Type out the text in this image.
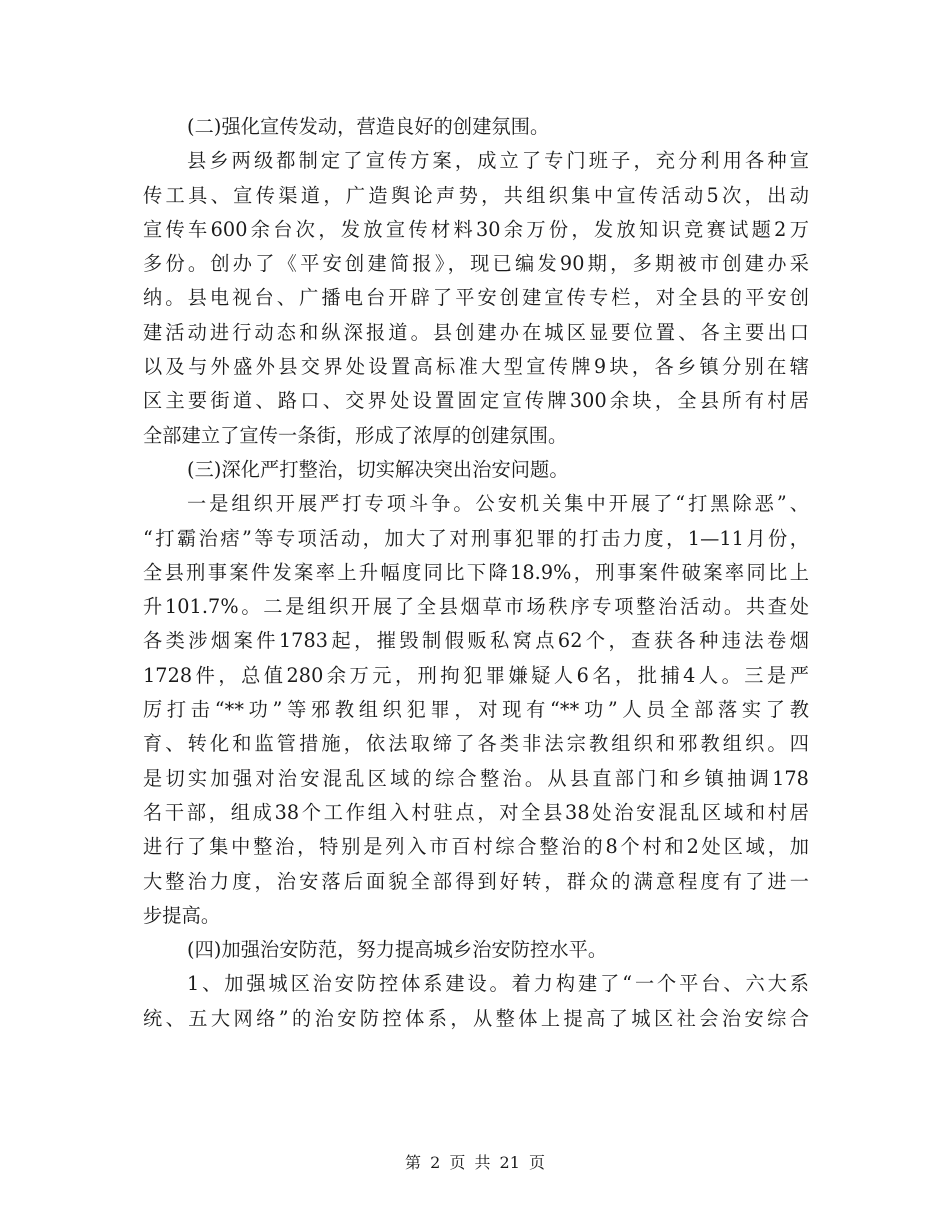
(二)强化宣传发动，营造良好的创建氛围。
县乡两级都制定了宣传方案，成立了专门班子，充分利用各种宣
传工具、宣传渠道，广造舆论声势，共组织集中宣传活动5次，出动
宣传车600余台次，发放宣传材料30余万份，发放知识竞赛试题2万
多份。创办了《平安创建简报》，现已编发90期，多期被市创建办采
纳。县电视台、广播电台开辟了平安创建宣传专栏，对全县的平安创
建活动进行动态和纵深报道。县创建办在城区显要位置、各主要出口
以及与外盛外县交界处设置高标准大型宣传牌9块，各乡镇分别在辖
区主要街道、路口、交界处设置固定宣传牌300余块，全县所有村居
全部建立了宣传一条街，形成了浓厚的创建氛围。
(三)深化严打整治，切实解决突出治安问题。
一是组织开展严打专项斗争。公安机关集中开展了“打黑除恶”、
“打霸治痞”等专项活动，加大了对刑事犯罪的打击力度，1—11月份，
全县刑事案件发案率上升幅度同比下降18.9%，刑事案件破案率同比上
升101.7%。二是组织开展了全县烟草市场秩序专项整治活动。共查处
各类涉烟案件1783起，摧毁制假贩私窝点62个，查获各种违法卷烟
1728件，总值280余万元，刑拘犯罪嫌疑人6名，批捕4人。三是严
厉打击“**功”等邪教组织犯罪，对现有“**功”人员全部落实了教
育、转化和监管措施，依法取缔了各类非法宗教组织和邪教组织。四
是切实加强对治安混乱区域的综合整治。从县直部门和乡镇抽调178
名干部，组成38个工作组入村驻点，对全县38处治安混乱区域和村居
进行了集中整治，特别是列入市百村综合整治的8个村和2处区域，加
大整治力度，治安落后面貌全部得到好转，群众的满意程度有了进一
步提高。
(四)加强治安防范，努力提高城乡治安防控水平。
1、加强城区治安防控体系建设。着力构建了“一个平台、六大系
统、五大网络”的治安防控体系，从整体上提高了城区社会治安综合
第 2 页 共 21 页
